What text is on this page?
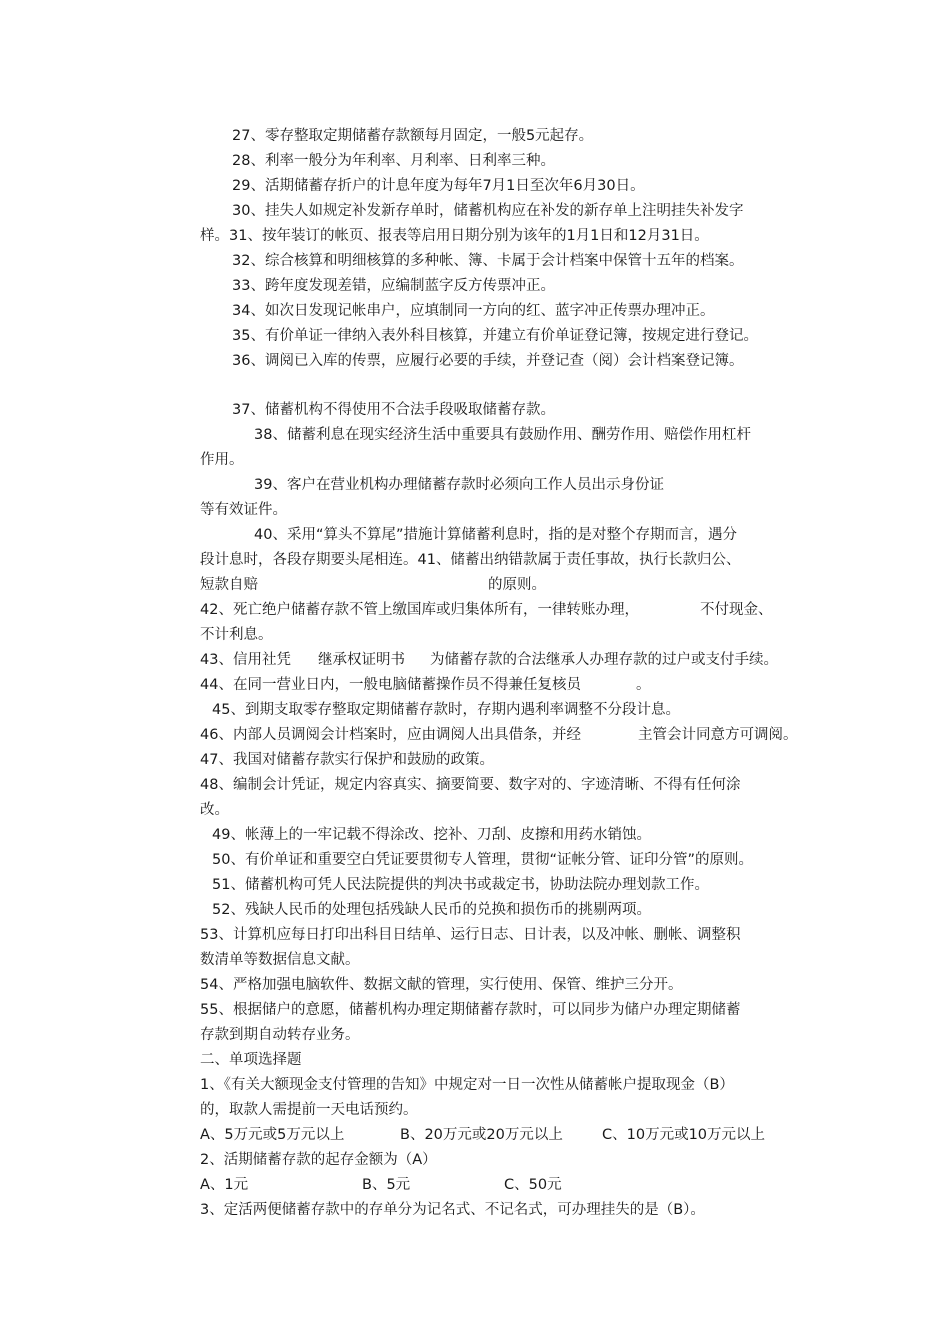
27、零存整取定期储蓄存款额每月固定，一般5元起存。
28、利率一般分为年利率、月利率、日利率三种。
29、活期储蓄存折户的计息年度为每年7月1日至次年6月30日。
30、挂失人如规定补发新存单时，储蓄机构应在补发的新存单上注明挂失补发字
样。31、按年装订的帐页、报表等启用日期分别为该年的1月1日和12月31日。
32、综合核算和明细核算的多种帐、簿、卡属于会计档案中保管十五年的档案。
33、跨年度发现差错，应编制蓝字反方传票冲正。
34、如次日发现记帐串户，应填制同一方向的红、蓝字冲正传票办理冲正。
35、有价单证一律纳入表外科目核算，并建立有价单证登记簿，按规定进行登记。
36、调阅已入库的传票，应履行必要的手续，并登记查（阅）会计档案登记簿。
37、储蓄机构不得使用不合法手段吸取储蓄存款。
38、储蓄利息在现实经济生活中重要具有鼓励作用、酬劳作用、赔偿作用杠杆
作用。
39、客户在营业机构办理储蓄存款时必须向工作人员出示身份证
等有效证件。
40、采用“算头不算尾”措施计算储蓄利息时，指的是对整个存期而言，遇分
段计息时，各段存期要头尾相连。41、储蓄出纳错款属于责任事故，执行长款归公、
短款自赔	的原则。
42、死亡绝户储蓄存款不管上缴国库或归集体所有，一律转账办理，	不付现金、
不计利息。
43、信用社凭 继承权证明书 为储蓄存款的合法继承人办理存款的过户或支付手续。
44、在同一营业日内，一般电脑储蓄操作员不得兼任复核员	。
45、到期支取零存整取定期储蓄存款时，存期内遇利率调整不分段计息。
46、内部人员调阅会计档案时，应由调阅人出具借条，并经	主管会计同意方可调阅。
47、我国对储蓄存款实行保护和鼓励的政策。
48、编制会计凭证，规定内容真实、摘要简要、数字对的、字迹清晰、不得有任何涂
改。
49、帐薄上的一牢记载不得涂改、挖补、刀刮、皮擦和用药水销蚀。
50、有价单证和重要空白凭证要贯彻专人管理，贯彻“证帐分管、证印分管”的原则。
51、储蓄机构可凭人民法院提供的判决书或裁定书，协助法院办理划款工作。
52、残缺人民币的处理包括残缺人民币的兑换和损伤币的挑剔两项。
53、计算机应每日打印出科目日结单、运行日志、日计表，以及冲帐、删帐、调整积
数清单等数据信息文献。
54、严格加强电脑软件、数据文献的管理，实行使用、保管、维护三分开。
55、根据储户的意愿，储蓄机构办理定期储蓄存款时，可以同步为储户办理定期储蓄
存款到期自动转存业务。
二、单项选择题
1、《有关大额现金支付管理的告知》中规定对一日一次性从储蓄帐户提取现金（B）
的，取款人需提前一天电话预约。
A、5万元或5万元以上	B、20万元或20万元以上	C、10万元或10万元以上
2、活期储蓄存款的起存金额为（A）
A、1元	B、5元	C、50元
3、定活两便储蓄存款中的存单分为记名式、不记名式，可办理挂失的是（B）。
